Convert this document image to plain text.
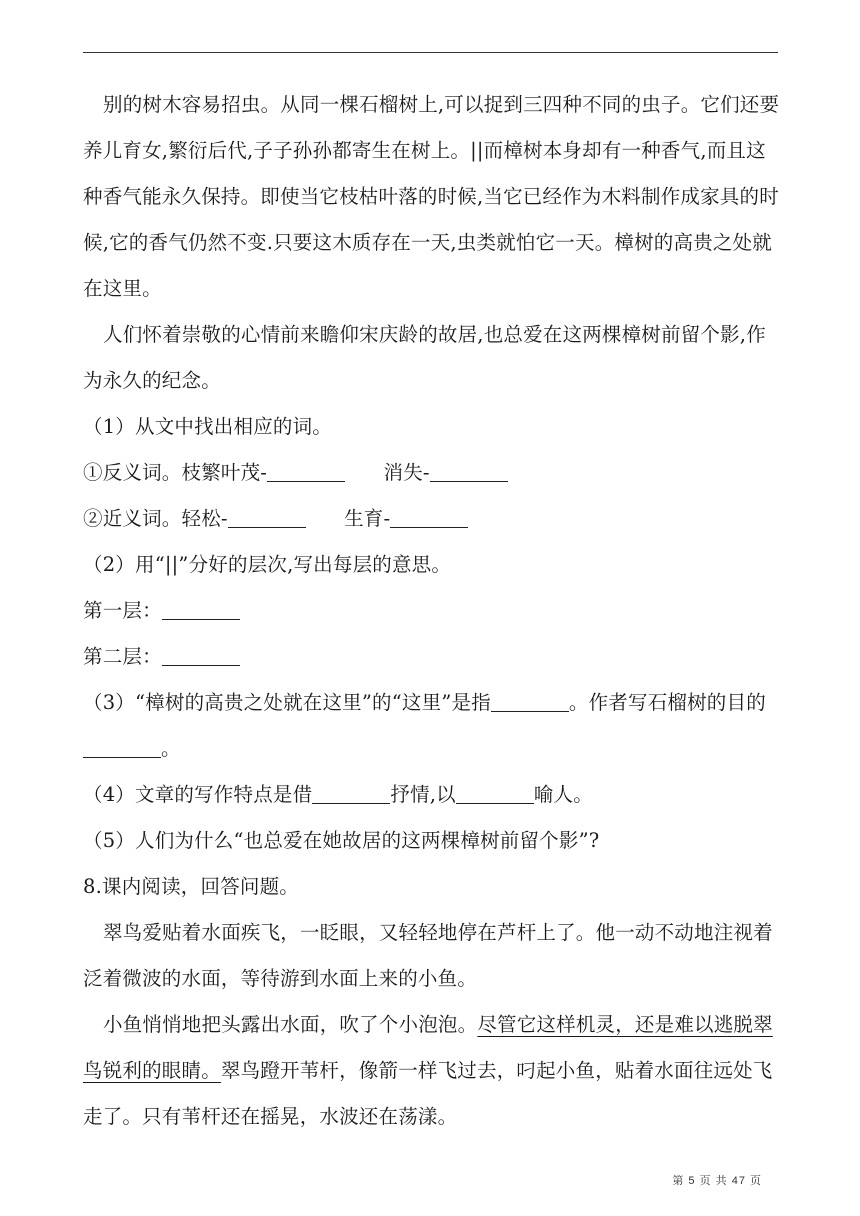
别的树木容易招虫。从同一棵石榴树上,可以捉到三四种不同的虫子。它们还要养儿育女,繁衍后代,子子孙孙都寄生在树上。||而樟树本身却有一种香气,而且这种香气能永久保持。即使当它枝枯叶落的时候,当它已经作为木料制作成家具的时候,它的香气仍然不变.只要这木质存在一天,虫类就怕它一天。樟树的高贵之处就在这里。

人们怀着崇敬的心情前来瞻仰宋庆龄的故居,也总爱在这两棵樟树前留个影,作为永久的纪念。

（1）从文中找出相应的词。

①反义词。枝繁叶茂-	消失-

②近义词。轻松-	生育-

（2）用“||”分好的层次,写出每层的意思。

第一层：

第二层：

（3）“樟树的高贵之处就在这里”的“这里”是指	。作者写石榴树的目的。

（4）文章的写作特点是借	抒情,以	喻人。

（5）人们为什么“也总爱在她故居的这两棵樟树前留个影”?

8.课内阅读，回答问题。

翠鸟爱贴着水面疾飞，一眨眼，又轻轻地停在芦杆上了。他一动不动地注视着泛着微波的水面，等待游到水面上来的小鱼。

小鱼悄悄地把头露出水面，吹了个小泡泡。尽管它这样机灵，还是难以逃脱翠鸟锐利的眼睛。翠鸟蹬开苇杆，像箭一样飞过去，叼起小鱼，贴着水面往远处飞走了。只有苇杆还在摇晃，水波还在荡漾。

第 5 页 共 47 页
